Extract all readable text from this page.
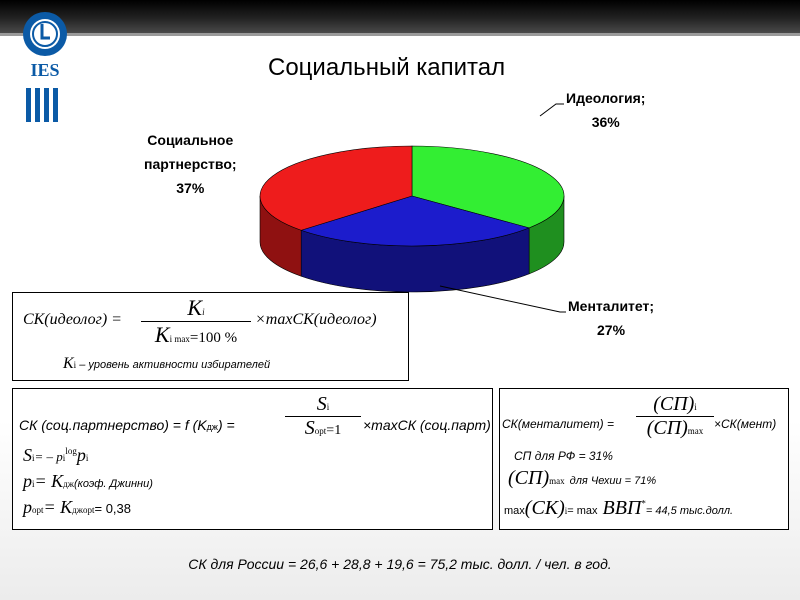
IES	Социальный капитал
Идеология;
36%
Менталитет;
27%
Социальное
партнерство;
37%
СК(идеолог) =	Ki
Ki max=100 %
×maxСК(идеолог)
Ki – уровень активности избирателей
СК (соц.партнерство) = f (Kдж) =
Si
Sopt=1	×maxСК (соц.парт)
$Si= - pi^{log}pi$
pi= Kдж(коэф. Джинни)
popt= Kджopt= 0,38
СК(менталитет) =
(СП)i
(СП)max ×СК(мент)
СП для РФ = 31%
(СП)max для Чехии = 71%
max(СК)i= max ВВП*= 44,5 тыс.долл.
СК для России = 26,6 + 28,8 + 19,6 = 75,2 тыс. долл. / чел. в год.
